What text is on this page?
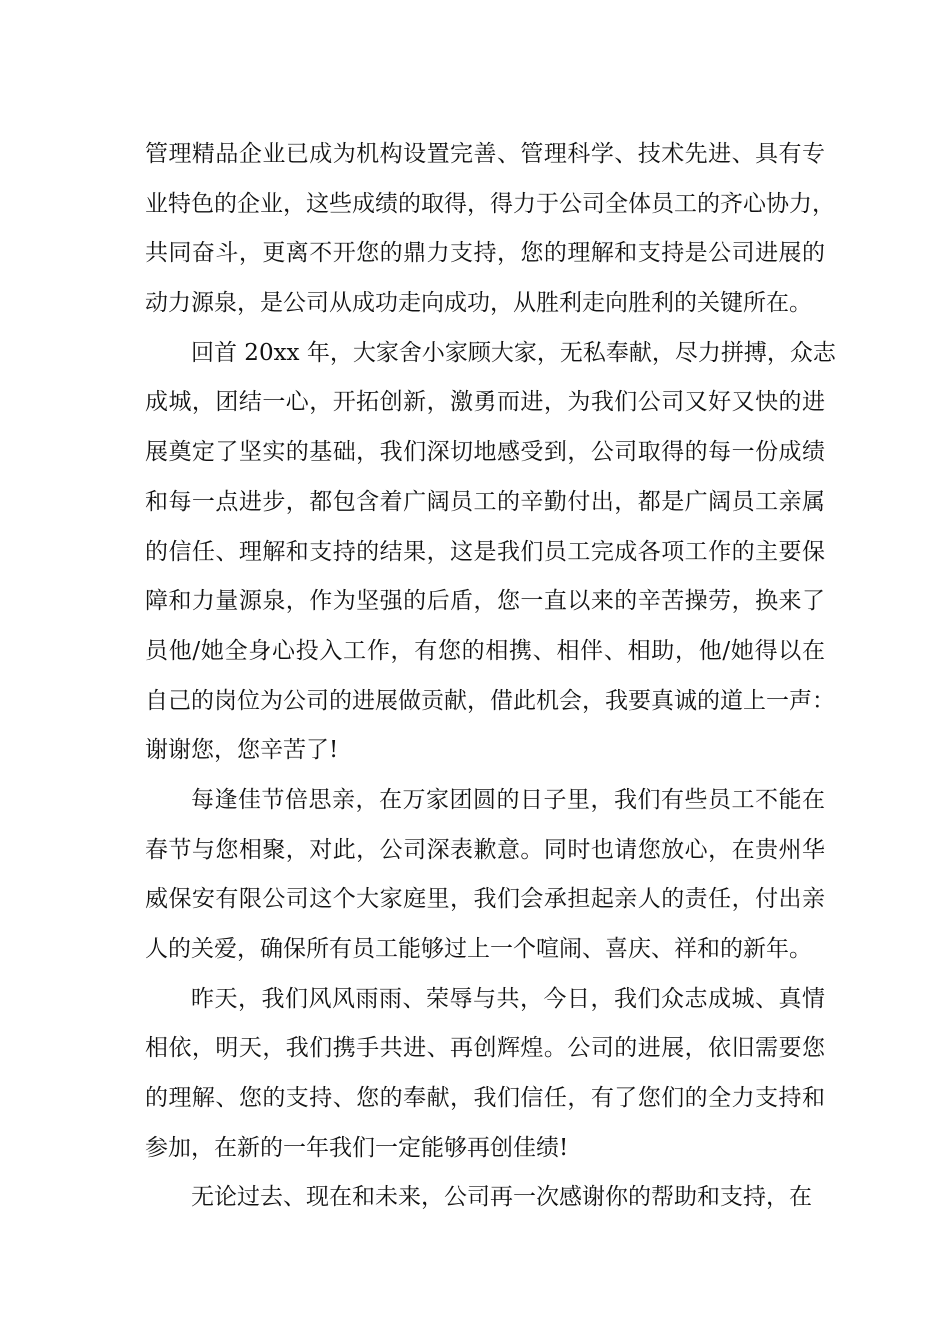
管理精品企业已成为机构设置完善、管理科学、技术先进、具有专
业特色的企业，这些成绩的取得，得力于公司全体员工的齐心协力，
共同奋斗，更离不开您的鼎力支持，您的理解和支持是公司进展的
动力源泉，是公司从成功走向成功，从胜利走向胜利的关键所在。
回首 20xx 年，大家舍小家顾大家，无私奉献，尽力拼搏，众志
成城，团结一心，开拓创新，激勇而进，为我们公司又好又快的进
展奠定了坚实的基础，我们深切地感受到，公司取得的每一份成绩
和每一点进步，都包含着广阔员工的辛勤付出，都是广阔员工亲属
的信任、理解和支持的结果，这是我们员工完成各项工作的主要保
障和力量源泉，作为坚强的后盾，您一直以来的辛苦操劳，换来了
员他/她全身心投入工作，有您的相携、相伴、相助，他/她得以在
自己的岗位为公司的进展做贡献，借此机会，我要真诚的道上一声：
谢谢您，您辛苦了!
每逢佳节倍思亲，在万家团圆的日子里，我们有些员工不能在
春节与您相聚，对此，公司深表歉意。同时也请您放心，在贵州华
威保安有限公司这个大家庭里，我们会承担起亲人的责任，付出亲
人的关爱，确保所有员工能够过上一个喧闹、喜庆、祥和的新年。
昨天，我们风风雨雨、荣辱与共，今日，我们众志成城、真情
相依，明天，我们携手共进、再创辉煌。公司的进展，依旧需要您
的理解、您的支持、您的奉献，我们信任，有了您们的全力支持和
参加，在新的一年我们一定能够再创佳绩!
无论过去、现在和未来，公司再一次感谢你的帮助和支持，在
